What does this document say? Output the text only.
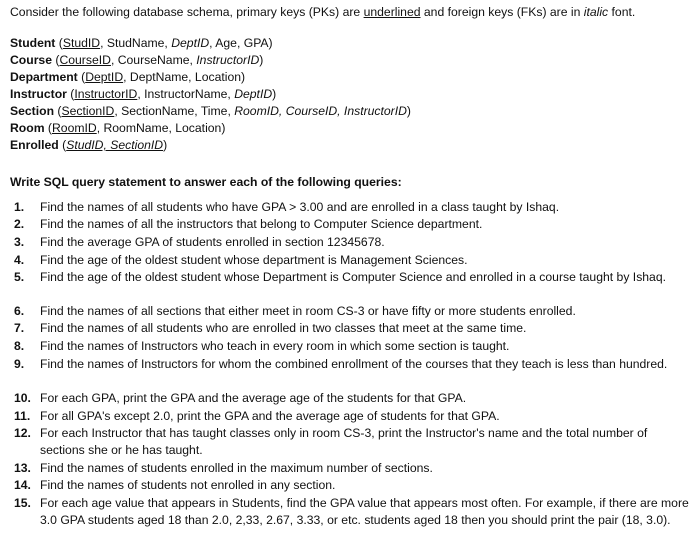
Consider the following database schema, primary keys (PKs) are underlined and foreign keys (FKs) are in italic font.
Student (StudID, StudName, DeptID, Age, GPA)
Course (CourseID, CourseName, InstructorID)
Department (DeptID, DeptName, Location)
Instructor (InstructorID, InstructorName, DeptID)
Section (SectionID, SectionName, Time, RoomID, CourseID, InstructorID)
Room (RoomID, RoomName, Location)
Enrolled (StudID, SectionID)
Write SQL query statement to answer each of the following queries:
1.	Find the names of all students who have GPA > 3.00 and are enrolled in a class taught by Ishaq.
2.	Find the names of all the instructors that belong to Computer Science department.
3.	Find the average GPA of students enrolled in section 12345678.
4.	Find the age of the oldest student whose department is Management Sciences.
5.	Find the age of the oldest student whose Department is Computer Science and enrolled in a course taught by Ishaq.
6.	Find the names of all sections that either meet in room CS-3 or have fifty or more students enrolled.
7.	Find the names of all students who are enrolled in two classes that meet at the same time.
8.	Find the names of Instructors who teach in every room in which some section is taught.
9.	Find the names of Instructors for whom the combined enrollment of the courses that they teach is less than hundred.
10. For each GPA, print the GPA and the average age of the students for that GPA.
11. For all GPA's except 2.0, print the GPA and the average age of students for that GPA.
12. For each Instructor that has taught classes only in room CS-3, print the Instructor's name and the total number of sections she or he has taught.
13. Find the names of students enrolled in the maximum number of sections.
14. Find the names of students not enrolled in any section.
15. For each age value that appears in Students, find the GPA value that appears most often. For example, if there are more 3.0 GPA students aged 18 than 2.0, 2,33, 2.67, 3.33, or etc. students aged 18 then you should print the pair (18, 3.0).
